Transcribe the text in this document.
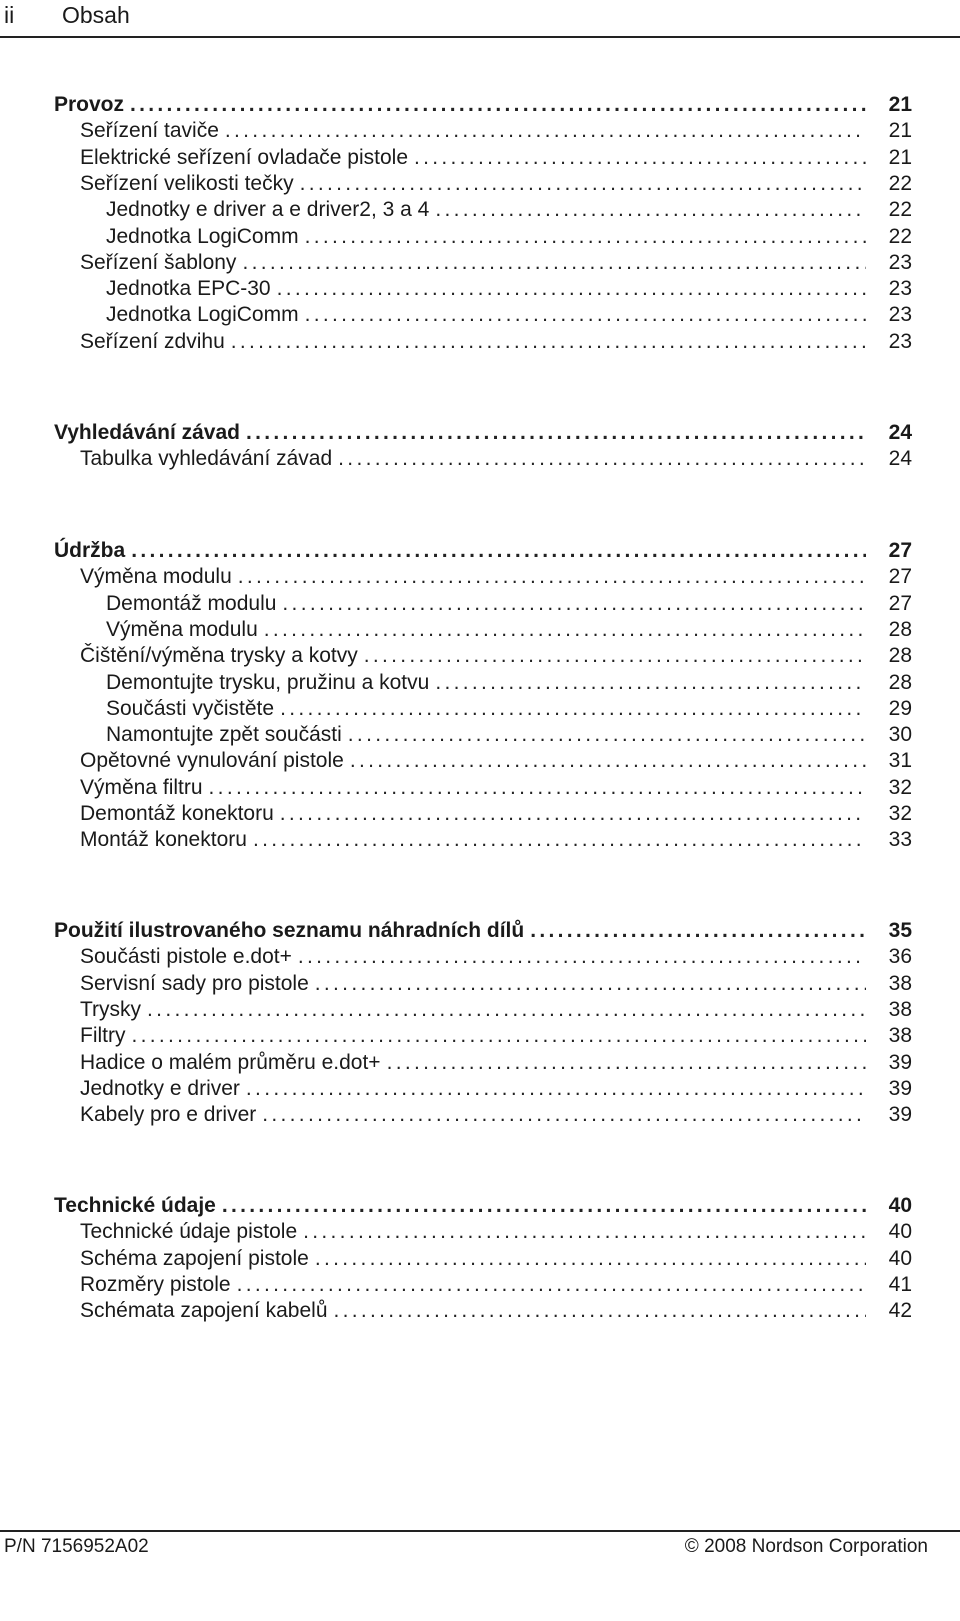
ii Obsah
Provoz .....	21
Seřízení taviče .....	21
Elektrické seřízení ovladače pistole .....	21
Seřízení velikosti tečky .....	22
Jednotky e driver a e driver2, 3 a 4 .....	22
Jednotka LogiComm .....	22
Seřízení šablony .....	23
Jednotka EPC-30 .....	23
Jednotka LogiComm .....	23
Seřízení zdvihu .....	23
Vyhledávání závad .....	24
Tabulka vyhledávání závad .....	24
Údržba .....	27
Výměna modulu .....	27
Demontáž modulu .....	27
Výměna modulu .....	28
Čištění/výměna trysky a kotvy .....	28
Demontujte trysku, pružinu a kotvu .....	28
Součásti vyčistěte .....	29
Namontujte zpět součásti .....	30
Opětovné vynulování pistole .....	31
Výměna filtru .....	32
Demontáž konektoru .....	32
Montáž konektoru .....	33
Použití ilustrovaného seznamu náhradních dílů .....	35
Součásti pistole e.dot+ .....	36
Servisní sady pro pistole .....	38
Trysky .....	38
Filtry .....	38
Hadice o malém průměru e.dot+ .....	39
Jednotky e driver .....	39
Kabely pro e driver .....	39
Technické údaje .....	40
Technické údaje pistole .....	40
Schéma zapojení pistole .....	40
Rozměry pistole .....	41
Schémata zapojení kabelů .....	42
P/N 7156952A02	© 2008 Nordson Corporation
